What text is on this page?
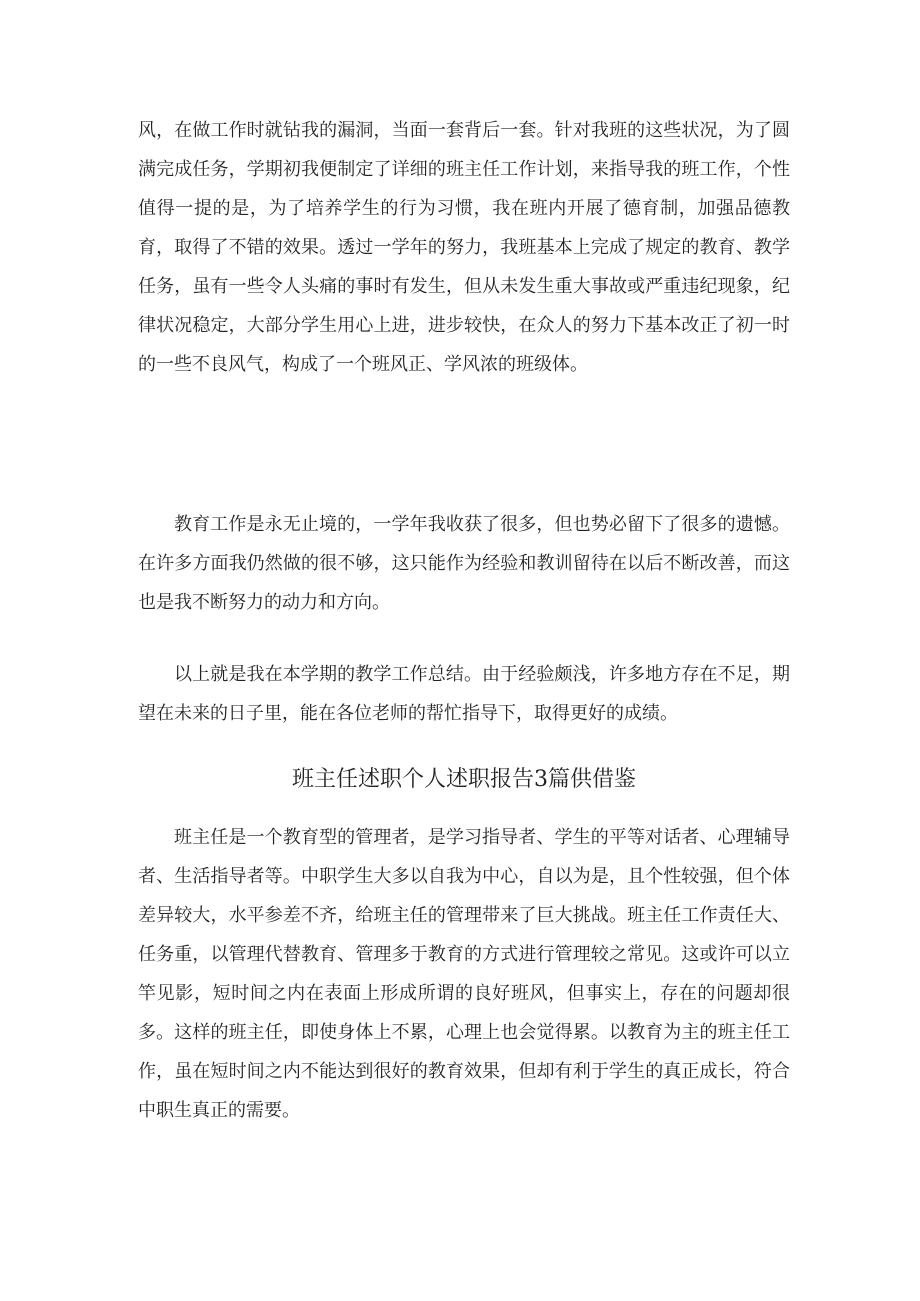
风，在做工作时就钻我的漏洞，当面一套背后一套。针对我班的这些状况，为了圆满完成任务，学期初我便制定了详细的班主任工作计划，来指导我的班工作，个性值得一提的是，为了培养学生的行为习惯，我在班内开展了德育制，加强品德教育，取得了不错的效果。透过一学年的努力，我班基本上完成了规定的教育、教学任务，虽有一些令人头痛的事时有发生，但从未发生重大事故或严重违纪现象，纪律状况稳定，大部分学生用心上进，进步较快，在众人的努力下基本改正了初一时的一些不良风气，构成了一个班风正、学风浓的班级体。

教育工作是永无止境的，一学年我收获了很多，但也势必留下了很多的遗憾。在许多方面我仍然做的很不够，这只能作为经验和教训留待在以后不断改善，而这也是我不断努力的动力和方向。

以上就是我在本学期的教学工作总结。由于经验颇浅，许多地方存在不足，期望在未来的日子里，能在各位老师的帮忙指导下，取得更好的成绩。

班主任述职个人述职报告3篇供借鉴

班主任是一个教育型的管理者，是学习指导者、学生的平等对话者、心理辅导者、生活指导者等。中职学生大多以自我为中心，自以为是，且个性较强，但个体差异较大，水平参差不齐，给班主任的管理带来了巨大挑战。班主任工作责任大、任务重，以管理代替教育、管理多于教育的方式进行管理较之常见。这或许可以立竿见影，短时间之内在表面上形成所谓的良好班风，但事实上，存在的问题却很多。这样的班主任，即使身体上不累，心理上也会觉得累。以教育为主的班主任工作，虽在短时间之内不能达到很好的教育效果，但却有利于学生的真正成长，符合中职生真正的需要。
